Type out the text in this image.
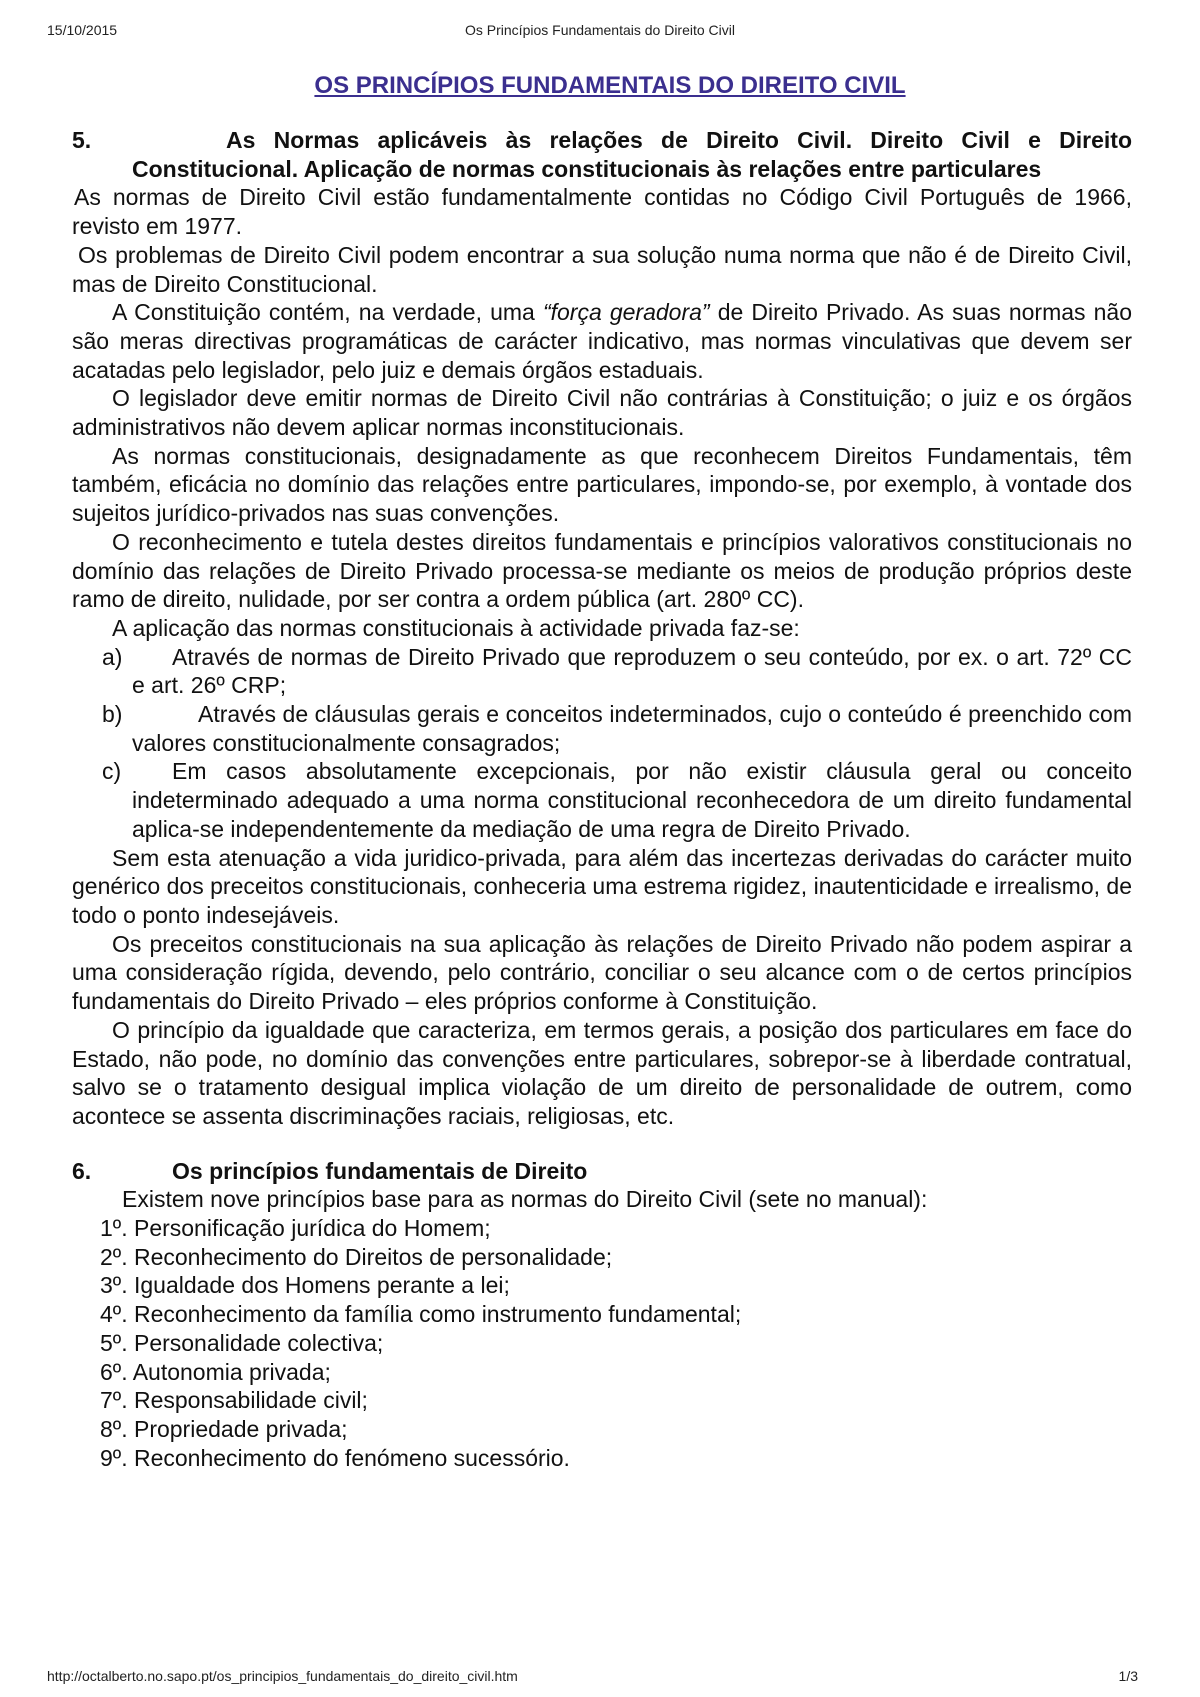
15/10/2015	Os Princípios Fundamentais do Direito Civil
OS PRINCÍPIOS FUNDAMENTAIS DO DIREITO CIVIL
5.	As Normas aplicáveis às relações de Direito Civil. Direito Civil e Direito Constitucional. Aplicação de normas constitucionais às relações entre particulares

As normas de Direito Civil estão fundamentalmente contidas no Código Civil Português de 1966, revisto em 1977.

Os problemas de Direito Civil podem encontrar a sua solução numa norma que não é de Direito Civil, mas de Direito Constitucional.

A Constituição contém, na verdade, uma “força geradora” de Direito Privado. As suas normas não são meras directivas programáticas de carácter indicativo, mas normas vinculativas que devem ser acatadas pelo legislador, pelo juiz e demais órgãos estaduais.

O legislador deve emitir normas de Direito Civil não contrárias à Constituição; o juiz e os órgãos administrativos não devem aplicar normas inconstitucionais.

As normas constitucionais, designadamente as que reconhecem Direitos Fundamentais, têm também, eficácia no domínio das relações entre particulares, impondo-se, por exemplo, à vontade dos sujeitos jurídico-privados nas suas convenções.

O reconhecimento e tutela destes direitos fundamentais e princípios valorativos constitucionais no domínio das relações de Direito Privado processa-se mediante os meios de produção próprios deste ramo de direito, nulidade, por ser contra a ordem pública (art. 280º CC).

A aplicação das normas constitucionais à actividade privada faz-se:

a)	Através de normas de Direito Privado que reproduzem o seu conteúdo, por ex. o art. 72º CC e art. 26º CRP;
b)	Através de cláusulas gerais e conceitos indeterminados, cujo o conteúdo é preenchido com valores constitucionalmente consagrados;
c)	Em casos absolutamente excepcionais, por não existir cláusula geral ou conceito indeterminado adequado a uma norma constitucional reconhecedora de um direito fundamental aplica-se independentemente da mediação de uma regra de Direito Privado.

Sem esta atenuação a vida juridico-privada, para além das incertezas derivadas do carácter muito genérico dos preceitos constitucionais, conheceria uma estrema rigidez, inautenticidade e irrealismo, de todo o ponto indesejáveis.

Os preceitos constitucionais na sua aplicação às relações de Direito Privado não podem aspirar a uma consideração rígida, devendo, pelo contrário, conciliar o seu alcance com o de certos princípios fundamentais do Direito Privado – eles próprios conforme à Constituição.

O princípio da igualdade que caracteriza, em termos gerais, a posição dos particulares em face do Estado, não pode, no domínio das convenções entre particulares, sobrepor-se à liberdade contratual, salvo se o tratamento desigual implica violação de um direito de personalidade de outrem, como acontece se assenta discriminações raciais, religiosas, etc.

6.	Os princípios fundamentais de Direito

Existem nove princípios base para as normas do Direito Civil (sete no manual):

1º. Personificação jurídica do Homem;

2º. Reconhecimento do Direitos de personalidade;

3º. Igualdade dos Homens perante a lei;

4º. Reconhecimento da família como instrumento fundamental;

5º. Personalidade colectiva;

6º. Autonomia privada;

7º. Responsabilidade civil;

8º. Propriedade privada;

9º. Reconhecimento do fenómeno sucessório.

http://octalberto.no.sapo.pt/os_principios_fundamentais_do_direito_civil.htm	1/3
